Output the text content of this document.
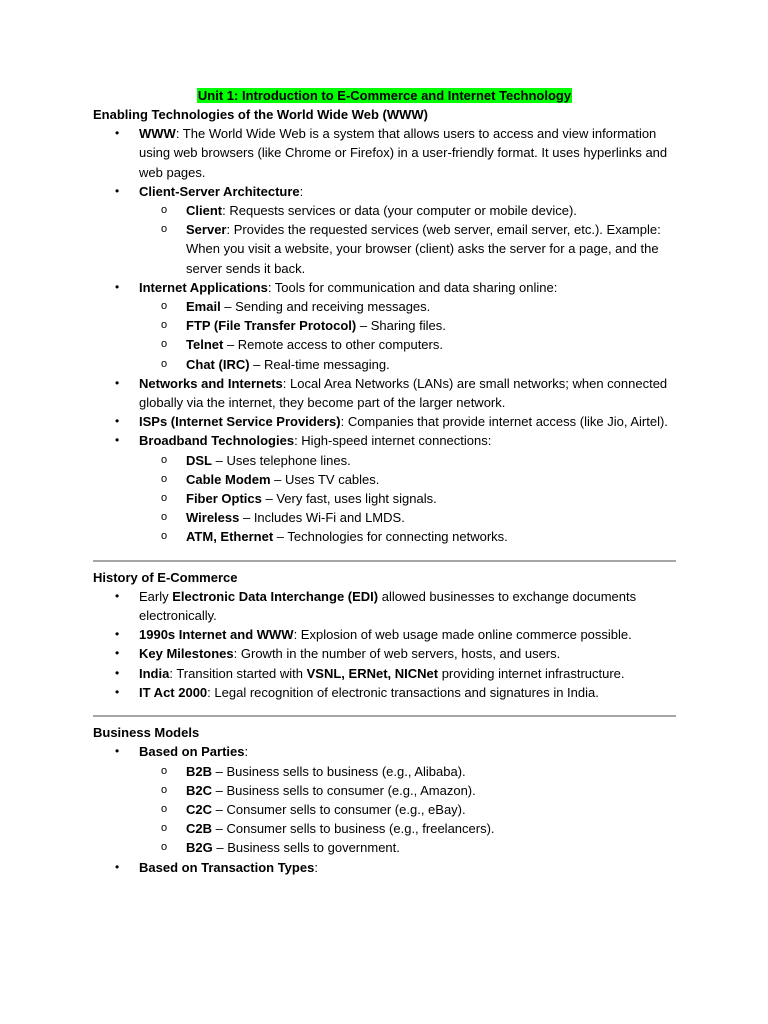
Unit 1: Introduction to E-Commerce and Internet Technology
Enabling Technologies of the World Wide Web (WWW)
• WWW: The World Wide Web is a system that allows users to access and view information using web browsers (like Chrome or Firefox) in a user-friendly format. It uses hyperlinks and web pages.
• Client-Server Architecture:
o Client: Requests services or data (your computer or mobile device).
o Server: Provides the requested services (web server, email server, etc.). Example: When you visit a website, your browser (client) asks the server for a page, and the server sends it back.
• Internet Applications: Tools for communication and data sharing online:
o Email – Sending and receiving messages.
o FTP (File Transfer Protocol) – Sharing files.
o Telnet – Remote access to other computers.
o Chat (IRC) – Real-time messaging.
• Networks and Internets: Local Area Networks (LANs) are small networks; when connected globally via the internet, they become part of the larger network.
• ISPs (Internet Service Providers): Companies that provide internet access (like Jio, Airtel).
• Broadband Technologies: High-speed internet connections:
o DSL – Uses telephone lines.
o Cable Modem – Uses TV cables.
o Fiber Optics – Very fast, uses light signals.
o Wireless – Includes Wi-Fi and LMDS.
o ATM, Ethernet – Technologies for connecting networks.
History of E-Commerce
• Early Electronic Data Interchange (EDI) allowed businesses to exchange documents electronically.
• 1990s Internet and WWW: Explosion of web usage made online commerce possible.
• Key Milestones: Growth in the number of web servers, hosts, and users.
• India: Transition started with VSNL, ERNet, NICNet providing internet infrastructure.
• IT Act 2000: Legal recognition of electronic transactions and signatures in India.
Business Models
• Based on Parties:
o B2B – Business sells to business (e.g., Alibaba).
o B2C – Business sells to consumer (e.g., Amazon).
o C2C – Consumer sells to consumer (e.g., eBay).
o C2B – Consumer sells to business (e.g., freelancers).
o B2G – Business sells to government.
• Based on Transaction Types:
